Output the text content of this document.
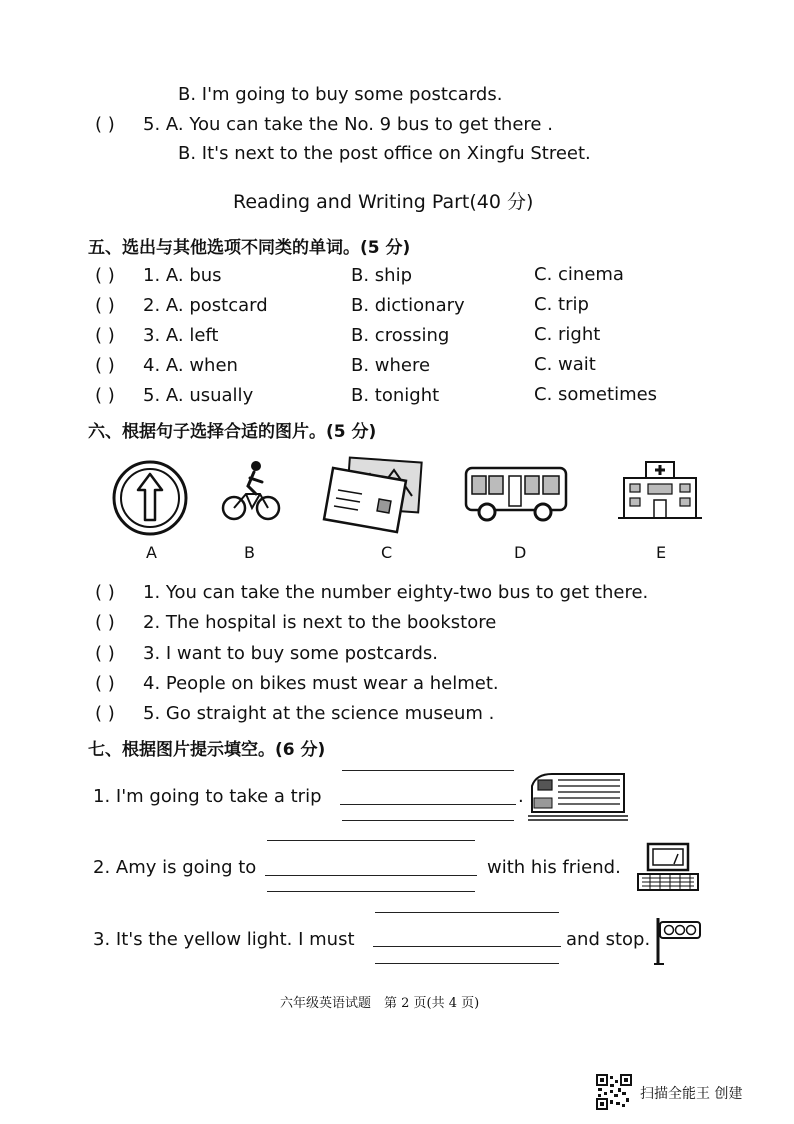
B. I'm going to buy some postcards.
( ) 5. A. You can take the No. 9 bus to get there .
B. It's next to the post office on Xingfu Street.
Reading and Writing Part(40 分)
五、选出与其他选项不同类的单词。(5 分)
( ) 1. A. bus	B. ship	C. cinema
( ) 2. A. postcard	B. dictionary	C. trip
( ) 3. A. left	B. crossing	C. right
( ) 4. A. when	B. where	C. wait
( ) 5. A. usually	B. tonight	C. sometimes
六、根据句子选择合适的图片。(5 分)
A	B	C	D	E
( ) 1. You can take the number eighty-two bus to get there.
( ) 2. The hospital is next to the bookstore
( ) 3. I want to buy some postcards.
( ) 4. People on bikes must wear a helmet.
( ) 5. Go straight at the science museum .
七、根据图片提示填空。(6 分)
1. I'm going to take a trip	.
2. Amy is going to	with his friend.
3. It's the yellow light. I must	and stop.
六年级英语试题　第 2 页(共 4 页)
扫描全能王 创建
